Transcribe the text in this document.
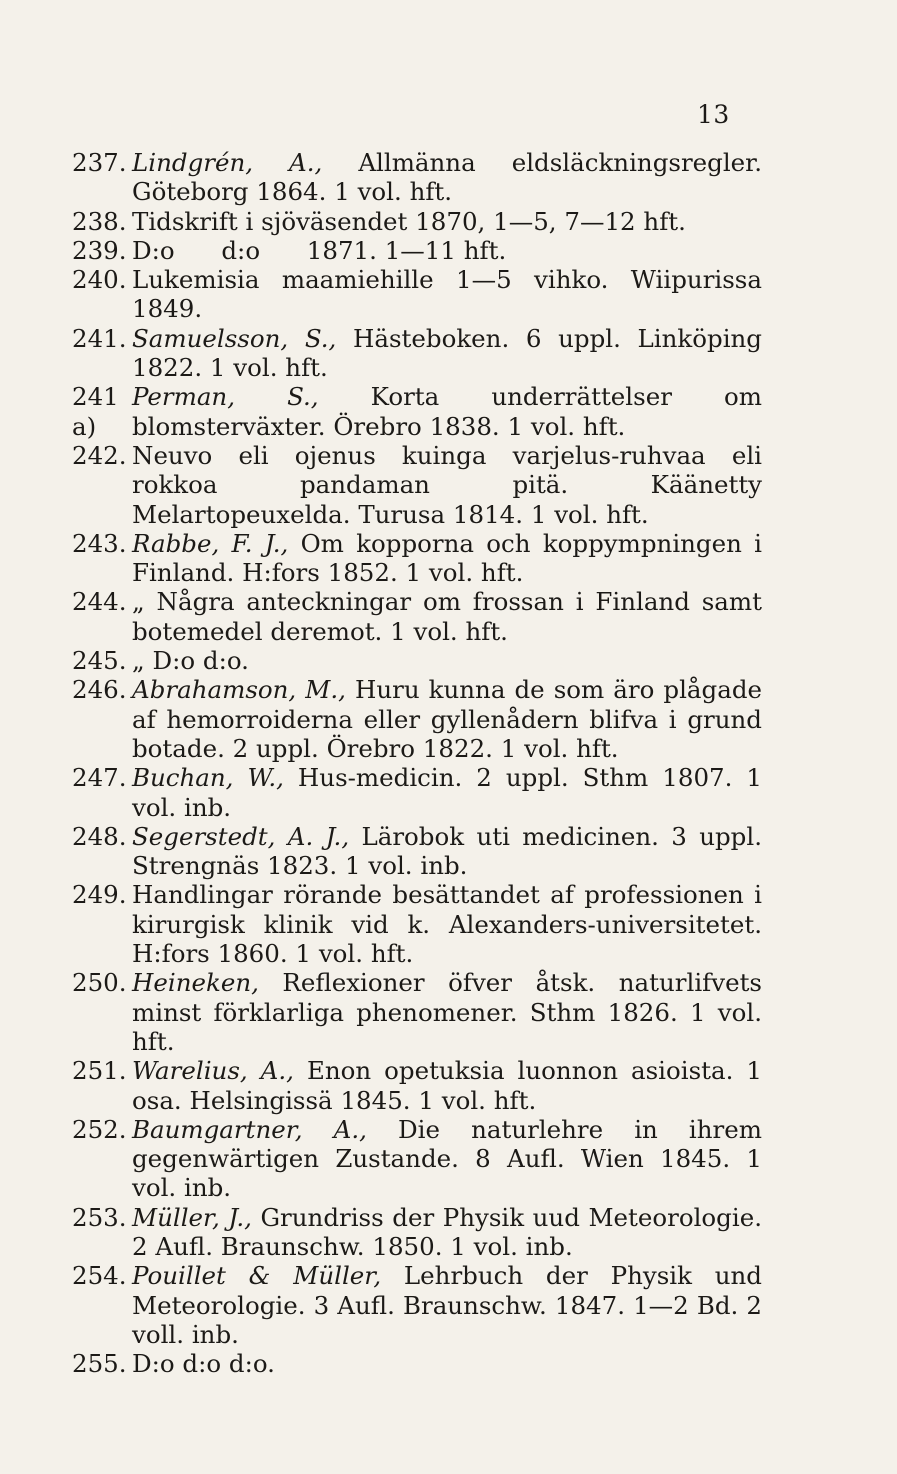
13
237. Lindgrén, A., Allmänna eldsläckningsregler. Göteborg 1864. 1 vol. hft.
238. Tidskrift i sjöväsendet 1870, 1—5, 7—12 hft.
239. D:o      d:o      1871. 1—11 hft.
240. Lukemisia maamiehille 1—5 vihko. Wiipurissa 1849.
241. Samuelsson, S., Hästeboken. 6 uppl. Linköping 1822. 1 vol. hft.
241 a)
Perman, S., Korta underrättelser om blomsterväxter. Örebro 1838. 1 vol. hft.
242. Neuvo eli ojenus kuinga varjelus-ruhvaa eli rokkoa pandaman pitä. Käänetty Melartopeuxelda. Turusa 1814. 1 vol. hft.
243. Rabbe, F. J., Om kopporna och koppympningen i Finland. H:fors 1852. 1 vol. hft.
244. „ Några anteckningar om frossan i Finland samt botemedel deremot. 1 vol. hft.
245. „ D:o d:o.
246. Abrahamson, M., Huru kunna de som äro plågade af hemorroiderna eller gyllenådern blifva i grund botade. 2 uppl. Örebro 1822. 1 vol. hft.
247. Buchan, W., Hus-medicin. 2 uppl. Sthm 1807. 1 vol. inb.
248. Segerstedt, A. J., Lärobok uti medicinen. 3 uppl. Strengnäs 1823. 1 vol. inb.
249. Handlingar rörande besättandet af professionen i kirurgisk klinik vid k. Alexanders-universitetet. H:fors 1860. 1 vol. hft.
250. Heineken, Reflexioner öfver åtsk. naturlifvets minst förklarliga phenomener. Sthm 1826. 1 vol. hft.
251. Warelius, A., Enon opetuksia luonnon asioista. 1 osa. Helsingissä 1845. 1 vol. hft.
252. Baumgartner, A., Die naturlehre in ihrem gegenwärtigen Zustande. 8 Aufl. Wien 1845. 1 vol. inb.
253. Müller, J., Grundriss der Physik uud Meteorologie. 2 Aufl. Braunschw. 1850. 1 vol. inb.
254. Pouillet & Müller, Lehrbuch der Physik und Meteorologie. 3 Aufl. Braunschw. 1847. 1—2 Bd. 2 voll. inb.
255. D:o d:o d:o.
